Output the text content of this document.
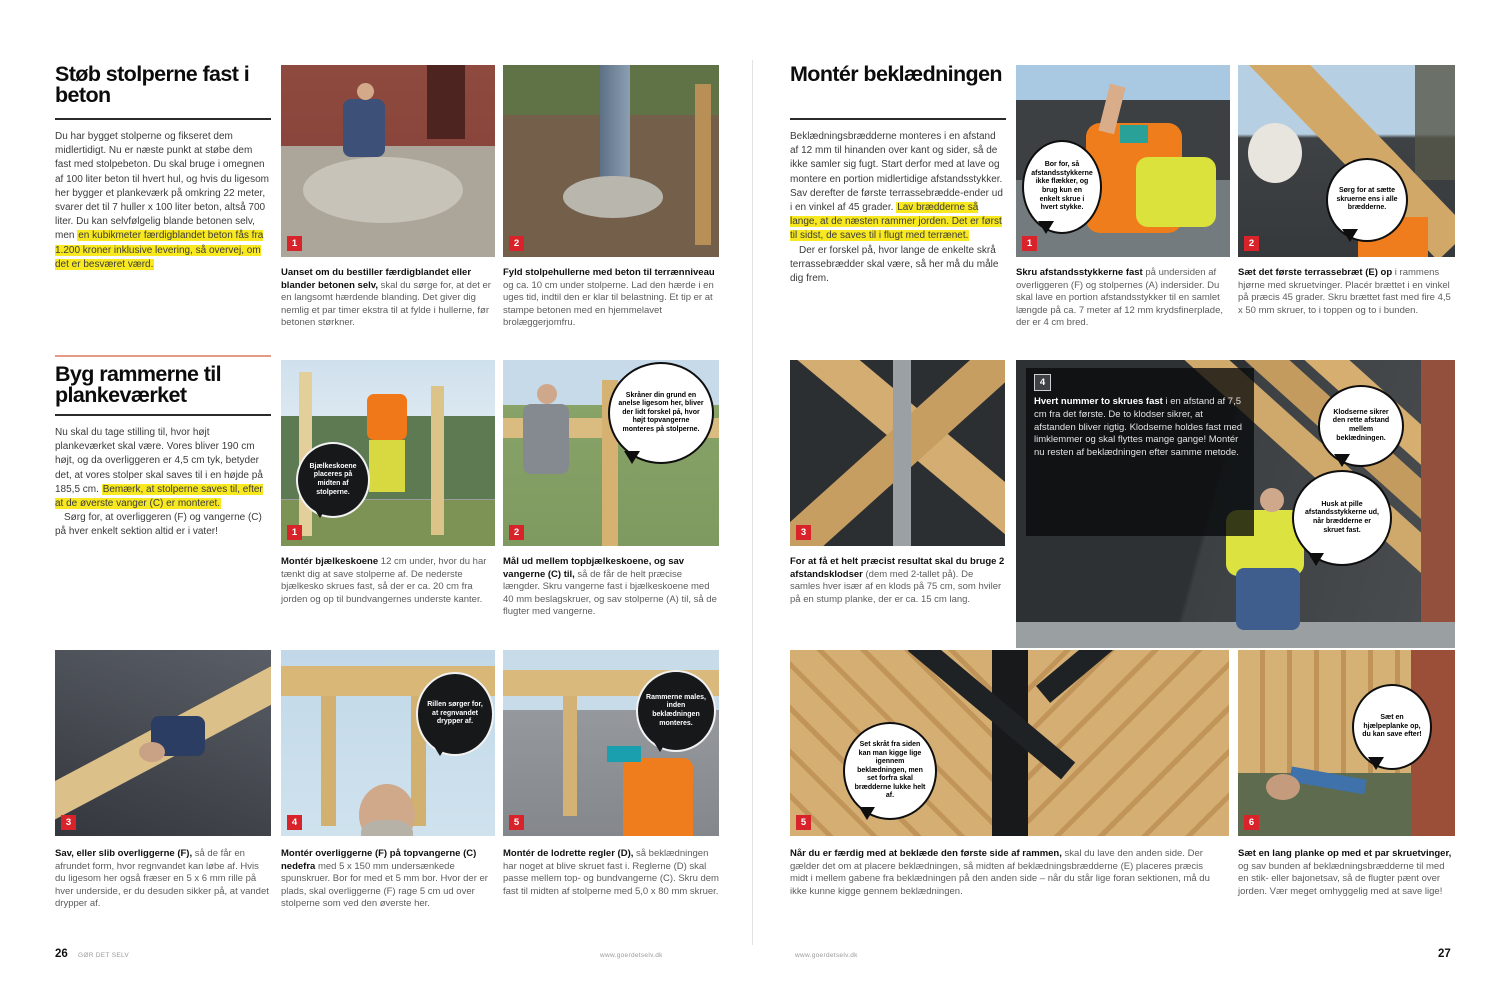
Støb stolperne fast i beton

Du har bygget stolperne og fikseret dem midlertidigt. Nu er næste punkt at støbe dem fast med stolpebeton. Du skal bruge i omegnen af 100 liter beton til hvert hul, og hvis du ligesom her bygger et plankeværk på omkring 22 meter, svarer det til 7 huller x 100 liter beton, altså 700 liter. Du kan selvfølgelig blande betonen selv, men en kubikmeter færdigblandet beton fås fra 1.200 kroner inklusive levering, så overvej, om det er besværet værd.

Byg rammerne til plankeværket

Nu skal du tage stilling til, hvor højt plankeværket skal være. Vores bliver 190 cm højt, og da overliggeren er 4,5 cm tyk, betyder det, at vores stolper skal saves til i en højde på 185,5 cm. Bemærk, at stolperne saves til, efter at de øverste vanger (C) er monteret.

Sørg for, at overliggeren (F) og vangerne (C) på hver enkelt sektion altid er i vater!

1	2
Uanset om du bestiller færdigblandet eller blander betonen selv, skal du sørge for, at det er en langsomt hærdende blanding. Det giver dig nemlig et par timer ekstra til at fylde i hullerne, før betonen størkner.
Fyld stolpehullerne med beton til terrænniveau og ca. 10 cm under stolperne. Lad den hærde i en uges tid, indtil den er klar til belastning. Et tip er at stampe betonen med en hjemmelavet brolæggerjomfru.
1	2
Montér bjælkeskoene 12 cm under, hvor du har tænkt dig at save stolperne af. De nederste bjælkesko skrues fast, så der er ca. 20 cm fra jorden og op til bundvangernes underste kanter.
Mål ud mellem topbjælkeskoene, og sav vangerne (C) til, så de får de helt præcise længder. Skru vangerne fast i bjælkeskoene med 40 mm beslagskruer, og sav stolperne (A) til, så de flugter med vangerne.
3	4	5
Sav, eller slib overliggerne (F), så de får en afrundet form, hvor regnvandet kan løbe af. Hvis du ligesom her også fræser en 5 x 6 mm rille på hver underside, er du desuden sikker på, at vandet drypper af.
Montér overliggerne (F) på topvangerne (C) nedefra med 5 x 150 mm undersænkede spunskruer. Bor for med et 5 mm bor. Hvor der er plads, skal overliggerne (F) rage 5 cm ud over stolperne som ved den øverste her.
Montér de lodrette regler (D), så beklædningen har noget at blive skruet fast i. Reglerne (D) skal passe mellem top- og bundvangerne (C). Skru dem fast til midten af stolperne med 5,0 x 80 mm skruer.
Bjælkeskoene placeres på midten af stolperne.
Skråner din grund en anelse ligesom her, bliver der lidt forskel på, hvor højt topvangerne monteres på stolperne.
Rillen sørger for, at regnvandet drypper af.
Rammerne males, inden beklædningen monteres.
Montér beklædningen

Beklædningsbrædderne monteres i en afstand af 12 mm til hinanden over kant og sider, så de ikke samler sig fugt. Start derfor med at lave og montere en portion midlertidige afstandsstykker. Sav derefter de første terrassebrædde-ender ud i en vinkel af 45 grader. Lav brædderne så lange, at de næsten rammer jorden. Det er først til sidst, de saves til i flugt med terrænet.

Der er forskel på, hvor lange de enkelte skrå terrassebrædder skal være, så her må du måle dig frem.

1	2
Skru afstandsstykkerne fast på undersiden af overliggeren (F) og stolpernes (A) indersider. Du skal lave en portion afstandsstykker til en samlet længde på ca. 7 meter af 12 mm krydsfinerplade, der er 4 cm bred.
Sæt det første terrassebræt (E) op i rammens hjørne med skruetvinger. Placér brættet i en vinkel på præcis 45 grader. Skru brættet fast med fire 4,5 x 50 mm skruer, to i toppen og to i bunden.
3
For at få et helt præcist resultat skal du bruge 2 afstandsklodser (dem med 2-tallet på). De samles hver især af en klods på 75 cm, som hviler på en stump planke, der er ca. 15 cm lang.
4
Hvert nummer to skrues fast i en afstand af 7,5 cm fra det første. De to klodser sikrer, at afstanden bliver rigtig. Klodserne holdes fast med limklemmer og skal flyttes mange gange! Montér nu resten af beklædningen efter samme metode.
5	6
Når du er færdig med at beklæde den første side af rammen, skal du lave den anden side. Der gælder det om at placere beklædningen, så midten af beklædningsbrædderne (E) placeres præcis midt i mellem gabene fra beklædningen på den anden side – når du står lige foran sektionen, må du ikke kunne kigge gennem beklædningen.
Sæt en lang planke op med et par skruetvinger, og sav bunden af beklædningsbrædderne til med en stik- eller bajonetsav, så de flugter pænt over jorden. Vær meget omhyggelig med at save lige!
Bor for, så afstandsstykkerne ikke flækker, og brug kun en enkelt skrue i hvert stykke.
Sørg for at sætte skruerne ens i alle brædderne.
Klodserne sikrer den rette afstand mellem beklædningen.
Husk at pille afstandsstykkerne ud, når brædderne er skruet fast.
Set skråt fra siden kan man kigge lige igennem beklædningen, men set forfra skal brædderne lukke helt af.
Sæt en hjælpeplanke op, du kan save efter!
26 GØR DET SELV	www.goerdetselv.dk	www.goerdetselv.dk	27
